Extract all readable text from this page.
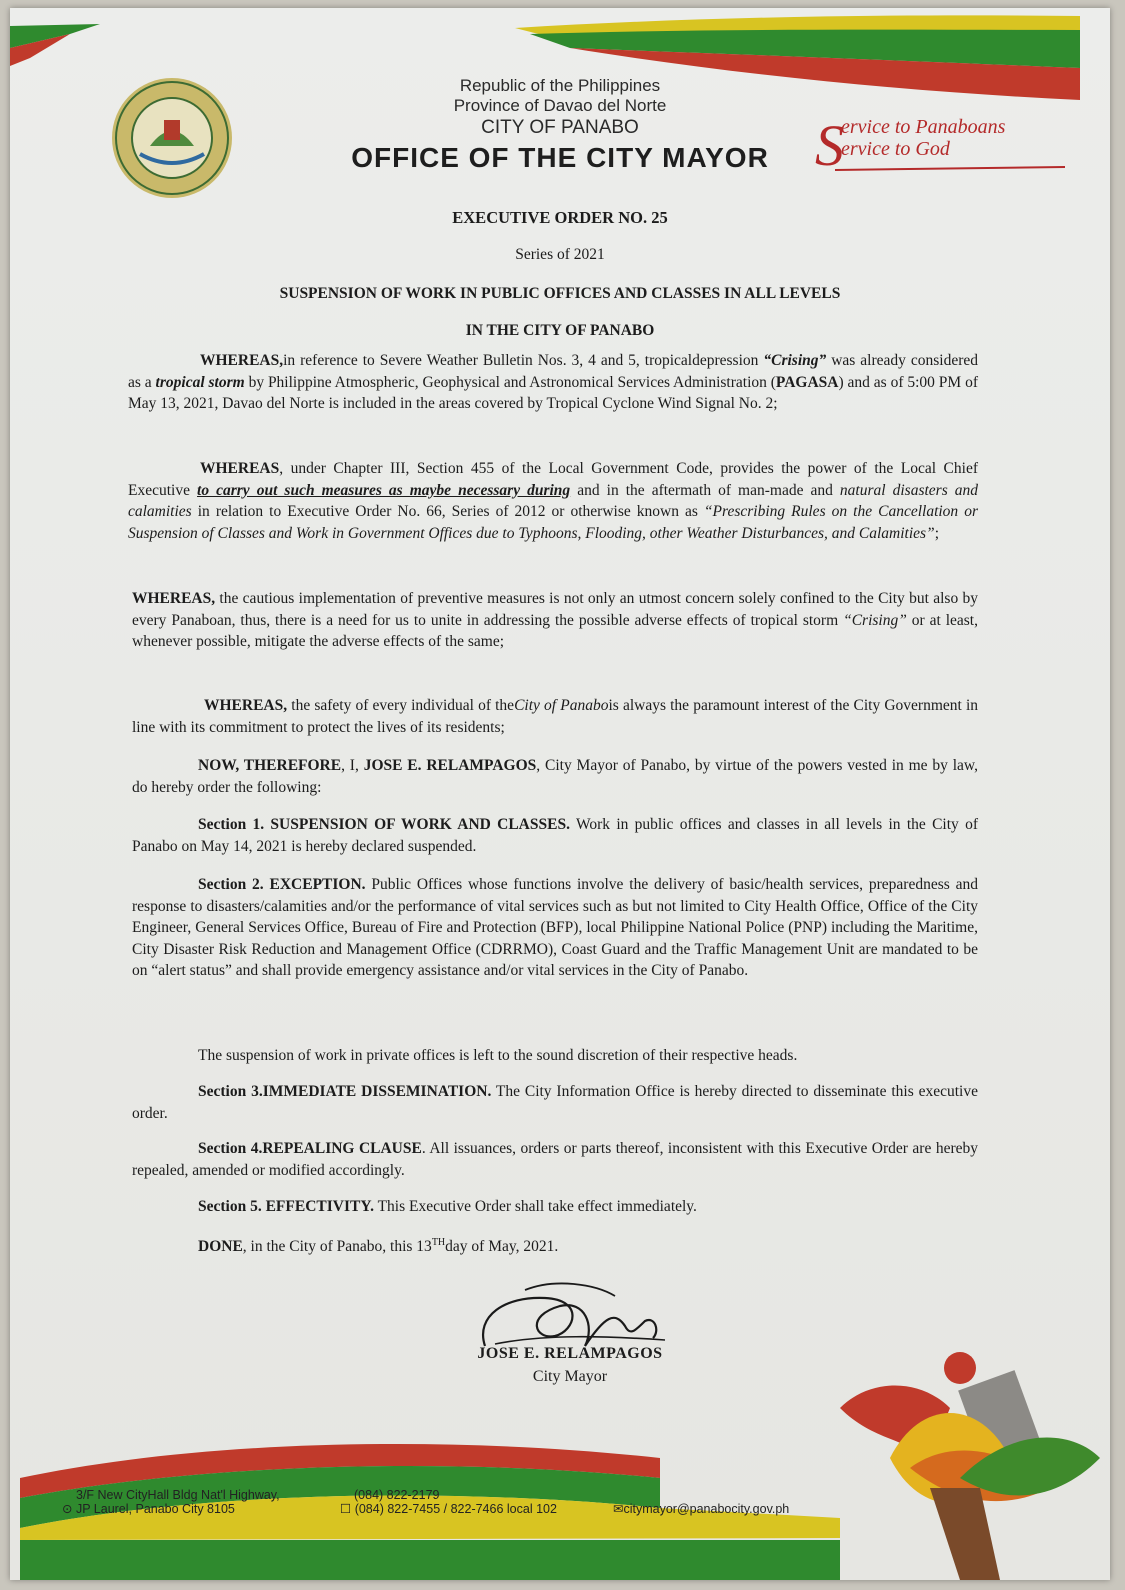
Republic of the Philippines
Province of Davao del Norte
CITY OF PANABO
OFFICE OF THE CITY MAYOR S
ervice to Panaboans
ervice to God
EXECUTIVE ORDER NO. 25
Series of 2021
SUSPENSION OF WORK IN PUBLIC OFFICES AND CLASSES IN ALL LEVELS
IN THE CITY OF PANABO
WHEREAS,in reference to Severe Weather Bulletin Nos. 3, 4 and 5, tropicaldepression “Crising” was already considered as a tropical storm by Philippine Atmospheric, Geophysical and Astronomical Services Administration (PAGASA) and as of 5:00 PM of May 13, 2021, Davao del Norte is included in the areas covered by Tropical Cyclone Wind Signal No. 2;
WHEREAS, under Chapter III, Section 455 of the Local Government Code, provides the power of the Local Chief Executive to carry out such measures as maybe necessary during and in the aftermath of man-made and natural disasters and calamities in relation to Executive Order No. 66, Series of 2012 or otherwise known as “Prescribing Rules on the Cancellation or Suspension of Classes and Work in Government Offices due to Typhoons, Flooding, other Weather Disturbances, and Calamities”;
WHEREAS, the cautious implementation of preventive measures is not only an utmost concern solely confined to the City but also by every Panaboan, thus, there is a need for us to unite in addressing the possible adverse effects of tropical storm “Crising” or at least, whenever possible, mitigate the adverse effects of the same;
WHEREAS, the safety of every individual of theCity of Panabois always the paramount interest of the City Government in line with its commitment to protect the lives of its residents;
NOW, THEREFORE, I, JOSE E. RELAMPAGOS, City Mayor of Panabo, by virtue of the powers vested in me by law, do hereby order the following:
Section 1. SUSPENSION OF WORK AND CLASSES. Work in public offices and classes in all levels in the City of Panabo on May 14, 2021 is hereby declared suspended.
Section 2. EXCEPTION. Public Offices whose functions involve the delivery of basic/health services, preparedness and response to disasters/calamities and/or the performance of vital services such as but not limited to City Health Office, Office of the City Engineer, General Services Office, Bureau of Fire and Protection (BFP), local Philippine National Police (PNP) including the Maritime, City Disaster Risk Reduction and Management Office (CDRRMO), Coast Guard and the Traffic Management Unit are mandated to be on “alert status” and shall provide emergency assistance and/or vital services in the City of Panabo.
The suspension of work in private offices is left to the sound discretion of their respective heads.
Section 3.IMMEDIATE DISSEMINATION. The City Information Office is hereby directed to disseminate this executive order.
Section 4.REPEALING CLAUSE. All issuances, orders or parts thereof, inconsistent with this Executive Order are hereby repealed, amended or modified accordingly.
Section 5. EFFECTIVITY. This Executive Order shall take effect immediately.
DONE, in the City of Panabo, this 13THday of May, 2021.
JOSE E. RELAMPAGOS
City Mayor
3/F New CityHall Bldg Nat'l Highway,
⊙ JP Laurel, Panabo City 8105
(084) 822-2179
☐ (084) 822-7455 / 822-7466 local 102	✉citymayor@panabocity.gov.ph
